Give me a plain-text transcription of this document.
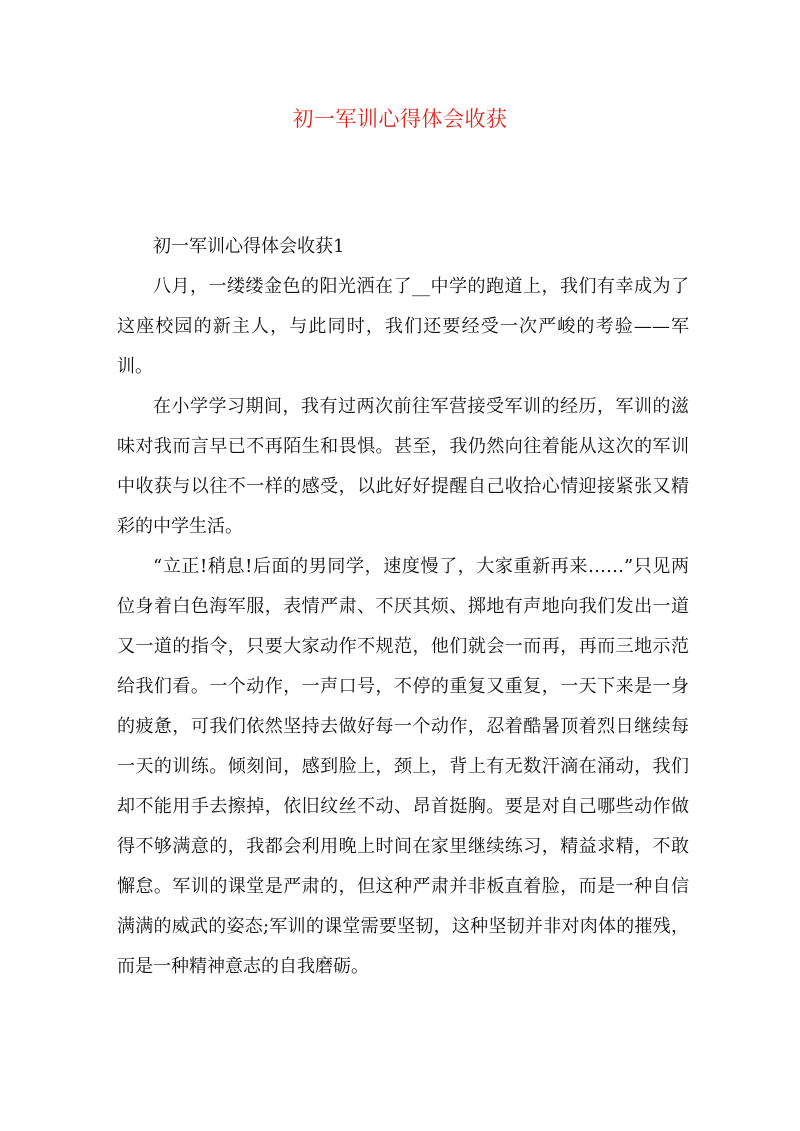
初一军训心得体会收获
初一军训心得体会收获1

八月，一缕缕金色的阳光洒在了__中学的跑道上，我们有幸成为了这座校园的新主人，与此同时，我们还要经受一次严峻的考验——军训。

在小学学习期间，我有过两次前往军营接受军训的经历，军训的滋味对我而言早已不再陌生和畏惧。甚至，我仍然向往着能从这次的军训中收获与以往不一样的感受，以此好好提醒自己收拾心情迎接紧张又精彩的中学生活。

“立正!稍息!后面的男同学，速度慢了，大家重新再来……”只见两位身着白色海军服，表情严肃、不厌其烦、掷地有声地向我们发出一道又一道的指令，只要大家动作不规范，他们就会一而再，再而三地示范给我们看。一个动作，一声口号，不停的重复又重复，一天下来是一身的疲惫，可我们依然坚持去做好每一个动作，忍着酷暑顶着烈日继续每一天的训练。倾刻间，感到脸上，颈上，背上有无数汗滴在涌动，我们却不能用手去擦掉，依旧纹丝不动、昂首挺胸。要是对自己哪些动作做得不够满意的，我都会利用晚上时间在家里继续练习，精益求精，不敢懈怠。军训的课堂是严肃的，但这种严肃并非板直着脸，而是一种自信满满的威武的姿态;军训的课堂需要坚韧，这种坚韧并非对肉体的摧残，而是一种精神意志的自我磨砺。
